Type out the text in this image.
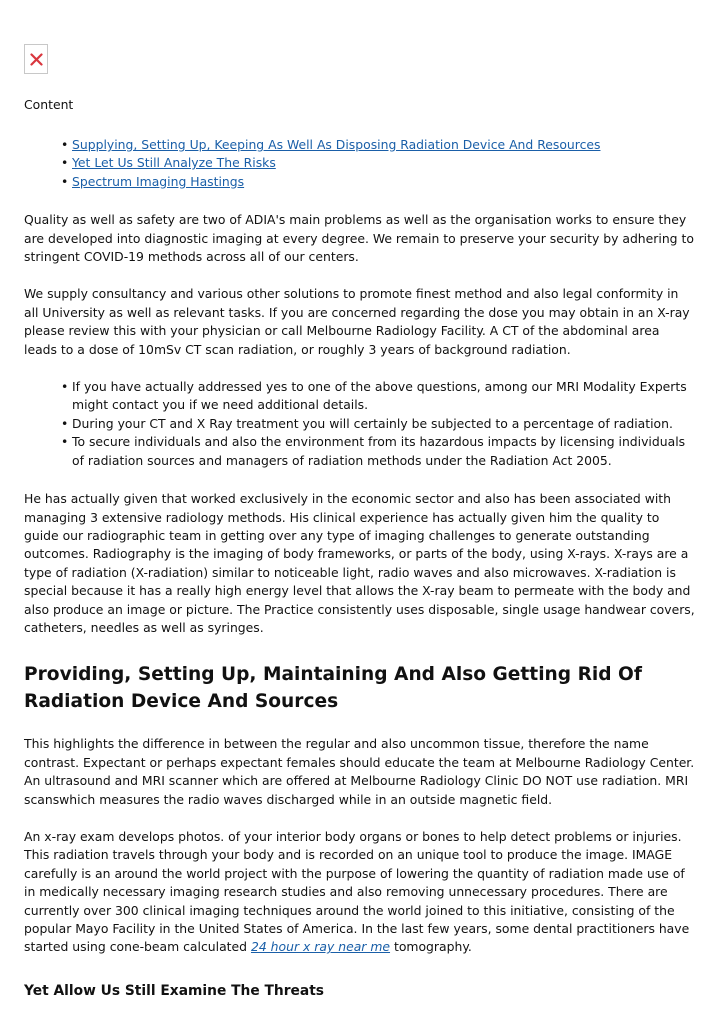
Content

• Supplying, Setting Up, Keeping As Well As Disposing Radiation Device And Resources
• Yet Let Us Still Analyze The Risks
• Spectrum Imaging Hastings

Quality as well as safety are two of ADIA's main problems as well as the organisation works to ensure they are developed into diagnostic imaging at every degree. We remain to preserve your security by adhering to stringent COVID-19 methods across all of our centers.

We supply consultancy and various other solutions to promote finest method and also legal conformity in all University as well as relevant tasks. If you are concerned regarding the dose you may obtain in an X-ray please review this with your physician or call Melbourne Radiology Facility. A CT of the abdominal area leads to a dose of 10mSv CT scan radiation, or roughly 3 years of background radiation.

• If you have actually addressed yes to one of the above questions, among our MRI Modality Experts might contact you if we need additional details.
• During your CT and X Ray treatment you will certainly be subjected to a percentage of radiation.
• To secure individuals and also the environment from its hazardous impacts by licensing individuals of radiation sources and managers of radiation methods under the Radiation Act 2005.

He has actually given that worked exclusively in the economic sector and also has been associated with managing 3 extensive radiology methods. His clinical experience has actually given him the quality to guide our radiographic team in getting over any type of imaging challenges to generate outstanding outcomes. Radiography is the imaging of body frameworks, or parts of the body, using X-rays. X-rays are a type of radiation (X-radiation) similar to noticeable light, radio waves and also microwaves. X-radiation is special because it has a really high energy level that allows the X-ray beam to permeate with the body and also produce an image or picture. The Practice consistently uses disposable, single usage handwear covers, catheters, needles as well as syringes.

Providing, Setting Up, Maintaining And Also Getting Rid Of Radiation Device And Sources

This highlights the difference in between the regular and also uncommon tissue, therefore the name contrast. Expectant or perhaps expectant females should educate the team at Melbourne Radiology Center. An ultrasound and MRI scanner which are offered at Melbourne Radiology Clinic DO NOT use radiation. MRI scanswhich measures the radio waves discharged while in an outside magnetic field.

An x-ray exam develops photos. of your interior body organs or bones to help detect problems or injuries. This radiation travels through your body and is recorded on an unique tool to produce the image. IMAGE carefully is an around the world project with the purpose of lowering the quantity of radiation made use of in medically necessary imaging research studies and also removing unnecessary procedures. There are currently over 300 clinical imaging techniques around the world joined to this initiative, consisting of the popular Mayo Facility in the United States of America. In the last few years, some dental practitioners have started using cone-beam calculated 24 hour x ray near me tomography.

Yet Allow Us Still Examine The Threats
